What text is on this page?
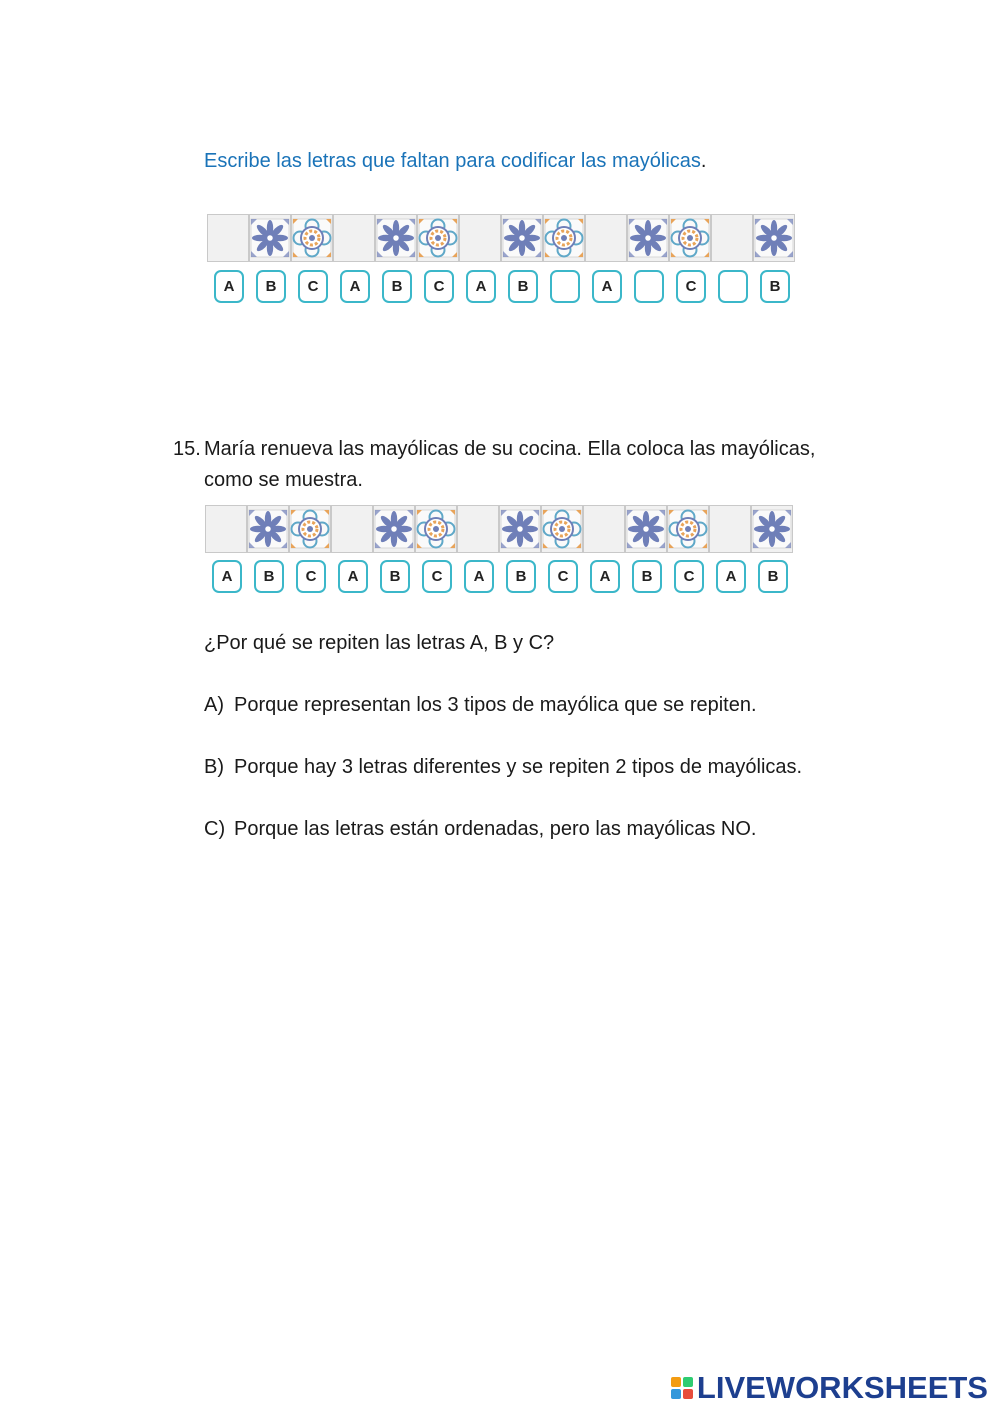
Escribe las letras que faltan para codificar las mayólicas.
A	B	C	A	B	C	A	B	A	C	B
15. María renueva las mayólicas de su cocina. Ella coloca las mayólicas,
como se muestra.
A	B	C	A	B	C	A	B	C	A	B	C	A	B
¿Por qué se repiten las letras A, B y C?
A) Porque representan los 3 tipos de mayólica que se repiten.
B) Porque hay 3 letras diferentes y se repiten 2 tipos de mayólicas.
C) Porque las letras están ordenadas, pero las mayólicas NO.
LIVEWORKSHEETS
